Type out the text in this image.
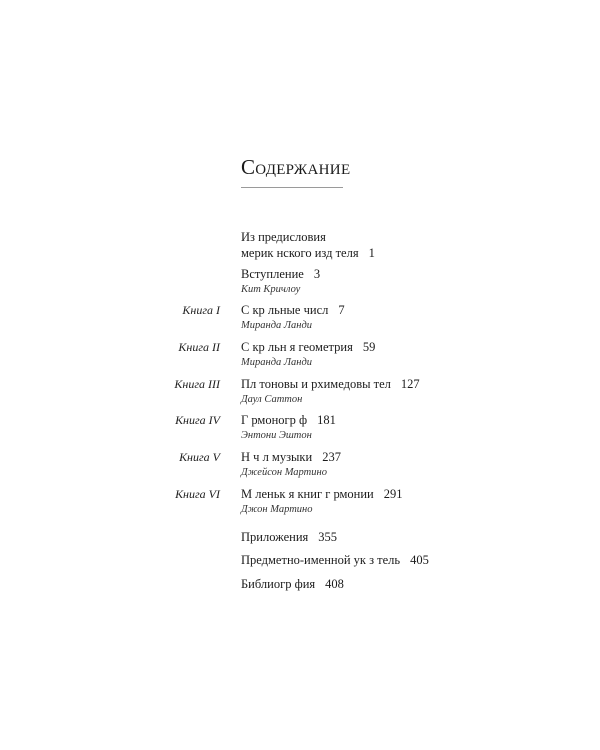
Содержание
Из предисловия
мерик нского изд теля 1
Вступление 3
Кит Кричлоу
Книга I С кр льные числ 7
Миранда Ланди
Книга II С кр льн я геометрия 59
Миранда Ланди
Книга III Пл тоновы и рхимедовы тел 127
Даул Саттон
Книга IV Г рмоногр ф 181
Энтони Эштон
Книга V Н ч л музыки 237
Джейсон Мартино
Книга VI М леньк я книг г рмонии 291
Джон Мартино
Приложения 355
Предметно-именной ук з тель 405
Библиогр фия 408
